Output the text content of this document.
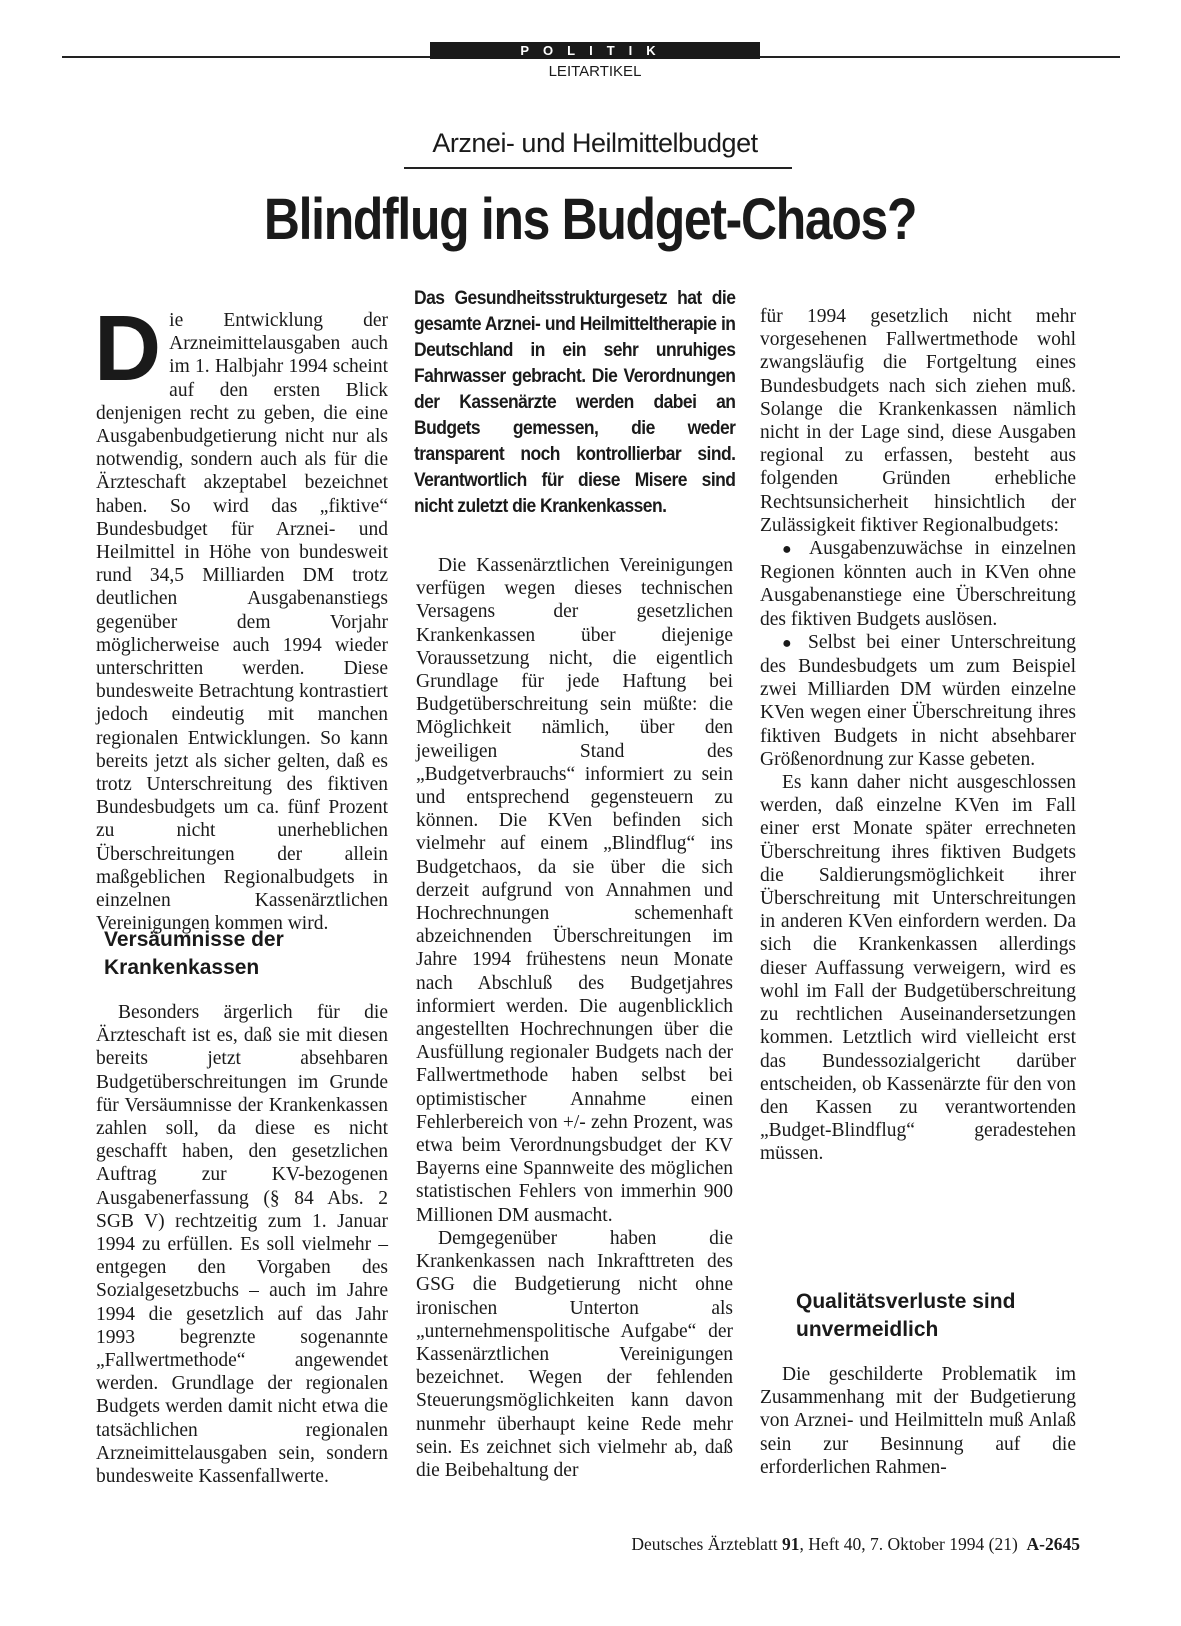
POLITIK
LEITARTIKEL
Arznei- und Heilmittelbudget
Blindflug ins Budget-Chaos?

Die Entwicklung der Arzneimittelausgaben auch im 1. Halbjahr 1994 scheint auf den ersten Blick denjenigen recht zu geben, die eine Ausgabenbudgetierung nicht nur als notwendig, sondern auch als für die Ärzteschaft akzeptabel bezeichnet haben. So wird das „fiktive“ Bundesbudget für Arznei- und Heilmittel in Höhe von bundesweit rund 34,5 Milliarden DM trotz deutlichen Ausgabenanstiegs gegenüber dem Vorjahr möglicherweise auch 1994 wieder unterschritten werden. Diese bundesweite Betrachtung kontrastiert jedoch eindeutig mit manchen regionalen Entwicklungen. So kann bereits jetzt als sicher gelten, daß es trotz Unterschreitung des fiktiven Bundesbudgets um ca. fünf Prozent zu nicht unerheblichen Überschreitungen der allein maßgeblichen Regionalbudgets in einzelnen Kassenärztlichen Vereinigungen kommen wird.

Versäumnisse der Krankenkassen

Besonders ärgerlich für die Ärzteschaft ist es, daß sie mit diesen bereits jetzt absehbaren Budgetüberschreitungen im Grunde für Versäumnisse der Krankenkassen zahlen soll, da diese es nicht geschafft haben, den gesetzlichen Auftrag zur KV-bezogenen Ausgabenerfassung (§ 84 Abs. 2 SGB V) rechtzeitig zum 1. Januar 1994 zu erfüllen. Es soll vielmehr – entgegen den Vorgaben des Sozialgesetzbuchs – auch im Jahre 1994 die gesetzlich auf das Jahr 1993 begrenzte sogenannte „Fallwertmethode“ angewendet werden. Grundlage der regionalen Budgets werden damit nicht etwa die tatsächlichen regionalen Arzneimittelausgaben sein, sondern bundesweite Kassenfallwerte.

Das Gesundheitsstrukturgesetz hat die gesamte Arznei- und Heilmitteltherapie in Deutschland in ein sehr unruhiges Fahrwasser gebracht. Die Verordnungen der Kassenärzte werden dabei an Budgets gemessen, die weder transparent noch kontrollierbar sind. Verantwortlich für diese Misere sind nicht zuletzt die Krankenkassen.

Die Kassenärztlichen Vereinigungen verfügen wegen dieses technischen Versagens der gesetzlichen Krankenkassen über diejenige Voraussetzung nicht, die eigentlich Grundlage für jede Haftung bei Budgetüberschreitung sein müßte: die Möglichkeit nämlich, über den jeweiligen Stand des „Budgetverbrauchs“ informiert zu sein und entsprechend gegensteuern zu können. Die KVen befinden sich vielmehr auf einem „Blindflug“ ins Budgetchaos, da sie über die sich derzeit aufgrund von Annahmen und Hochrechnungen schemenhaft abzeichnenden Überschreitungen im Jahre 1994 frühestens neun Monate nach Abschluß des Budgetjahres informiert werden. Die augenblicklich angestellten Hochrechnungen über die Ausfüllung regionaler Budgets nach der Fallwertmethode haben selbst bei optimistischer Annahme einen Fehlerbereich von +/- zehn Prozent, was etwa beim Verordnungsbudget der KV Bayerns eine Spannweite des möglichen statistischen Fehlers von immerhin 900 Millionen DM ausmacht.

Demgegenüber haben die Krankenkassen nach Inkrafttreten des GSG die Budgetierung nicht ohne ironischen Unterton als „unternehmenspolitische Aufgabe“ der Kassenärztlichen Vereinigungen bezeichnet. Wegen der fehlenden Steuerungsmöglichkeiten kann davon nunmehr überhaupt keine Rede mehr sein. Es zeichnet sich vielmehr ab, daß die Beibehaltung der

für 1994 gesetzlich nicht mehr vorgesehenen Fallwertmethode wohl zwangsläufig die Fortgeltung eines Bundesbudgets nach sich ziehen muß. Solange die Krankenkassen nämlich nicht in der Lage sind, diese Ausgaben regional zu erfassen, besteht aus folgenden Gründen erhebliche Rechtsunsicherheit hinsichtlich der Zulässigkeit fiktiver Regionalbudgets:

● Ausgabenzuwächse in einzelnen Regionen könnten auch in KVen ohne Ausgabenanstiege eine Überschreitung des fiktiven Budgets auslösen.

● Selbst bei einer Unterschreitung des Bundesbudgets um zum Beispiel zwei Milliarden DM würden einzelne KVen wegen einer Überschreitung ihres fiktiven Budgets in nicht absehbarer Größenordnung zur Kasse gebeten.

Es kann daher nicht ausgeschlossen werden, daß einzelne KVen im Fall einer erst Monate später errechneten Überschreitung ihres fiktiven Budgets die Saldierungsmöglichkeit ihrer Überschreitung mit Unterschreitungen in anderen KVen einfordern werden. Da sich die Krankenkassen allerdings dieser Auffassung verweigern, wird es wohl im Fall der Budgetüberschreitung zu rechtlichen Auseinandersetzungen kommen. Letztlich wird vielleicht erst das Bundessozialgericht darüber entscheiden, ob Kassenärzte für den von den Kassen zu verantwortenden „Budget-Blindflug“ geradestehen müssen.

Qualitätsverluste sind unvermeidlich

Die geschilderte Problematik im Zusammenhang mit der Budgetierung von Arznei- und Heilmitteln muß Anlaß sein zur Besinnung auf die erforderlichen Rahmen-

Deutsches Ärzteblatt 91, Heft 40, 7. Oktober 1994 (21) A-2645
